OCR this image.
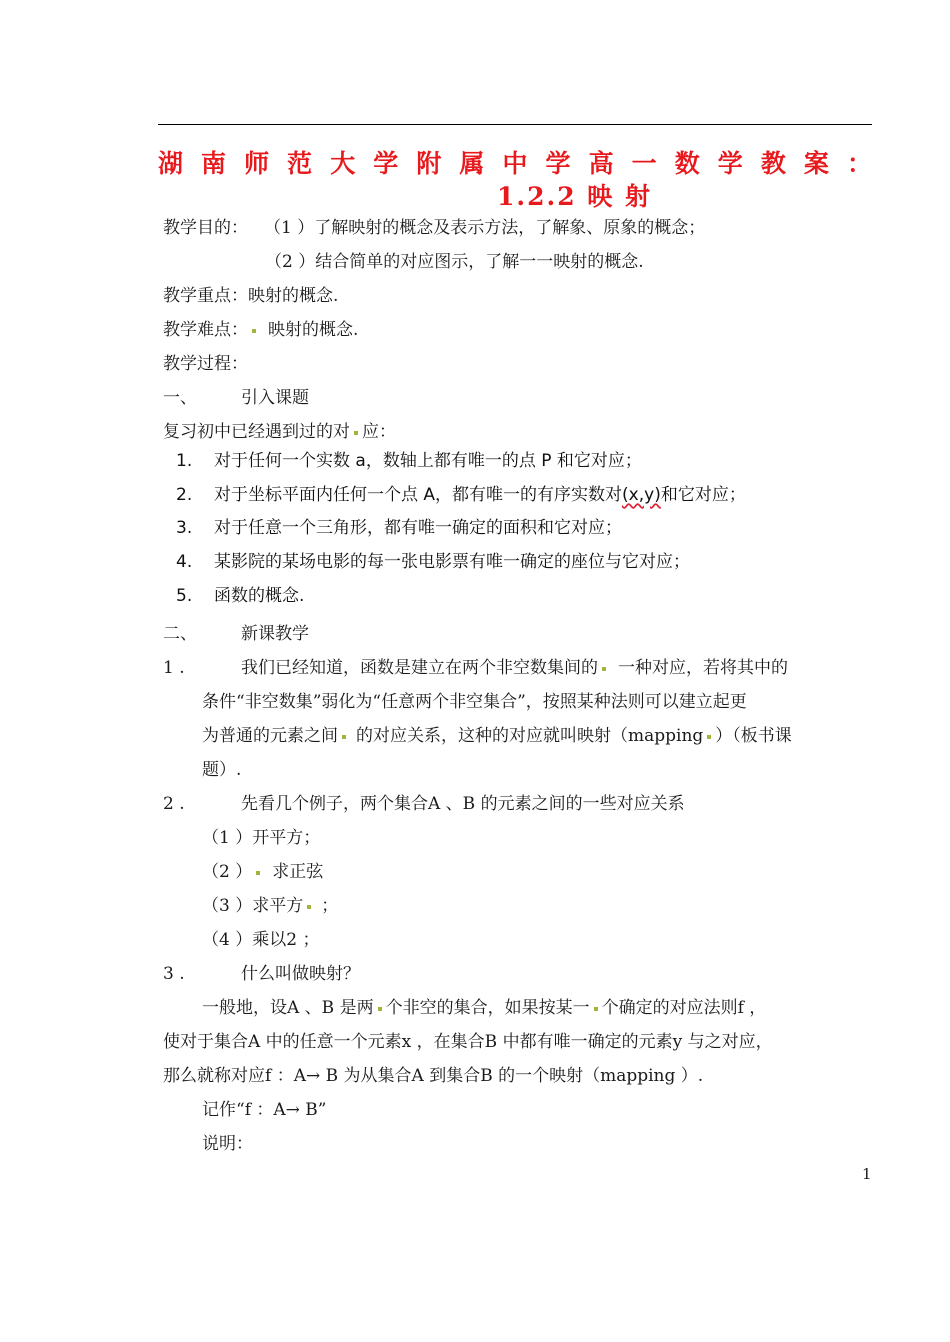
湖南师范大学附属中学高一数学教案：
1.2.2 映 射
教学目的： （1 ）了解映射的概念及表示方法，了解象、原象的概念；
（2 ）结合简单的对应图示，了解一一映射的概念.
教学重点：映射的概念.
教学难点： 映射的概念.
教学过程：
一、	引入课题
复习初中已经遇到过的对 应：
1. 对于任何一个实数 a，数轴上都有唯一的点 P 和它对应；
2. 对于坐标平面内任何一个点 A，都有唯一的有序实数对(x,y)和它对应；
3. 对于任意一个三角形，都有唯一确定的面积和它对应；
4. 某影院的某场电影的每一张电影票有唯一确定的座位与它对应；
5. 函数的概念.
二、	新课教学
1 .	我们已经知道，函数是建立在两个非空数集间的 一种对应，若将其中的
条件“非空数集”弱化为“任意两个非空集合”，按照某种法则可以建立起更
为普通的元素之间 的对应关系，这种的对应就叫映射（mapping ）（板书课
题）.
2 .	先看几个例子，两个集合A 、B 的元素之间的一些对应关系
（1 ）开平方；
（2 ） 求正弦
（3 ）求平方 ；
（4 ）乘以2 ；
3 .	什么叫做映射？
一般地，设A 、B 是两 个非空的集合，如果按某一 个确定的对应法则f ，
使对于集合A 中的任意一个元素x ，在集合B 中都有唯一确定的元素y 与之对应，
那么就称对应f ：A→ B 为从集合A 到集合B 的一个映射（mapping ）.
记作“f ：A→ B”
说明：
1
